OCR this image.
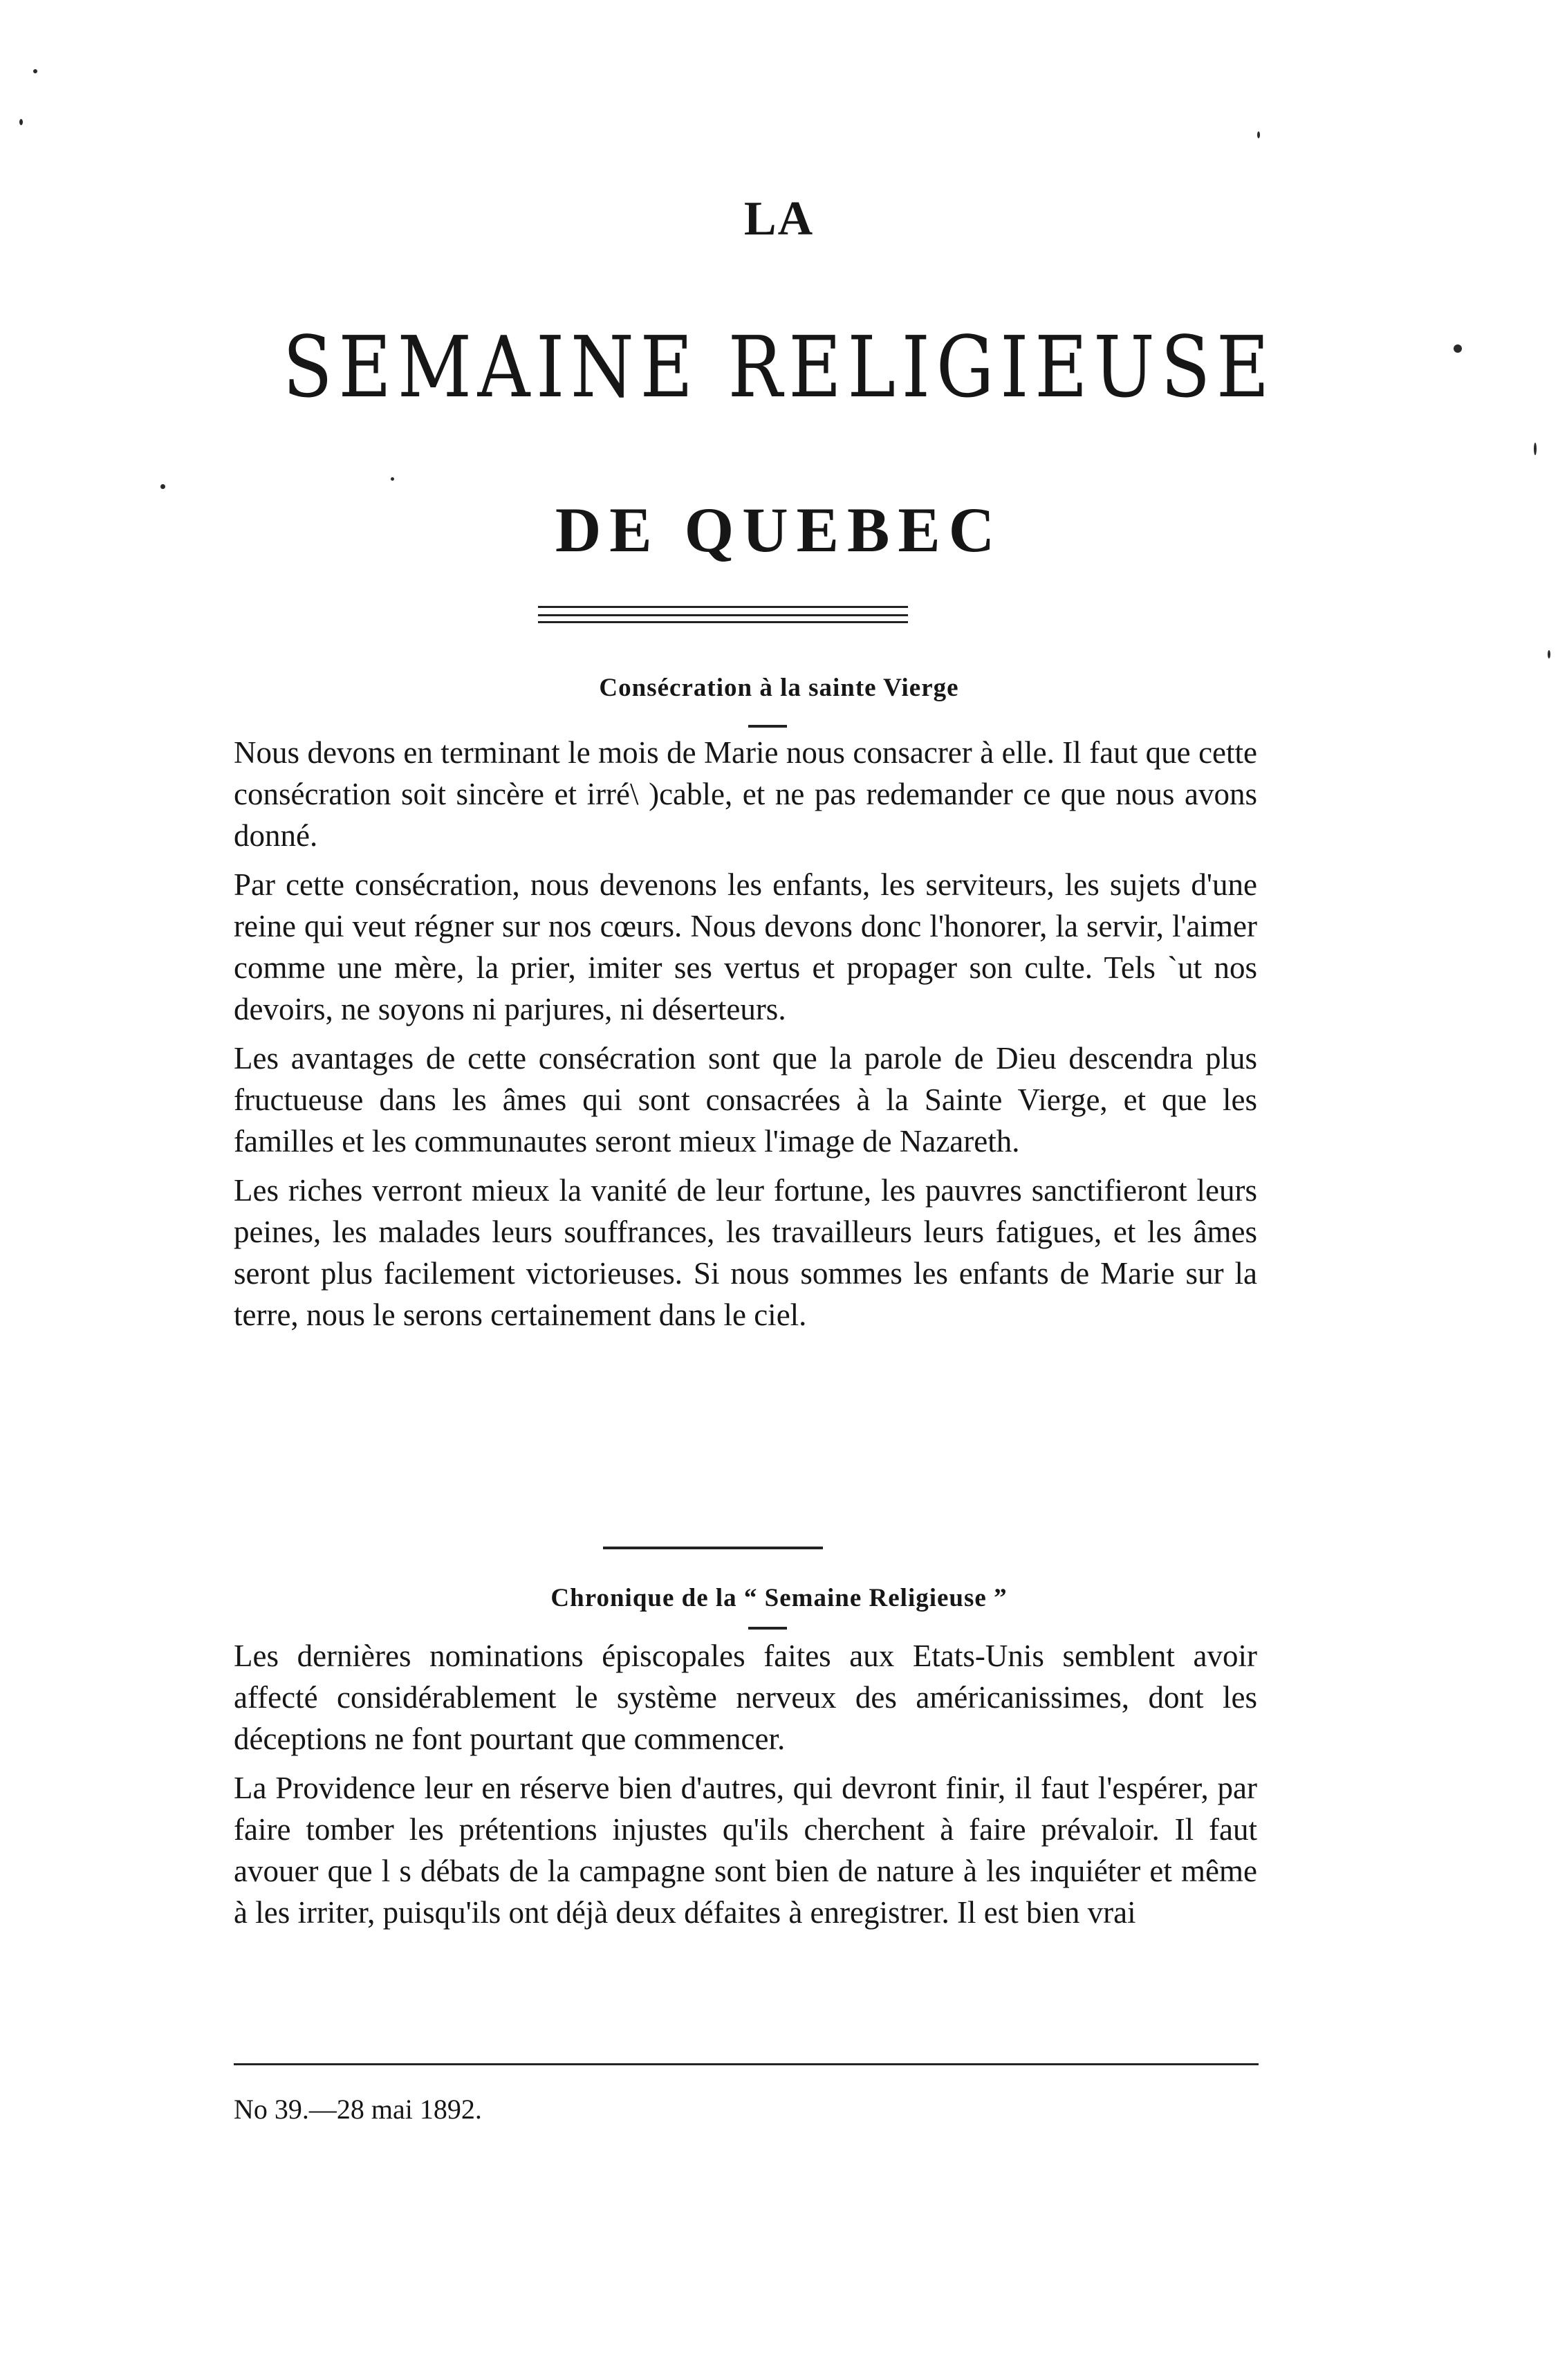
LA
SEMAINE RELIGIEUSE
DE QUEBEC
Consécration à la sainte Vierge

Nous devons en terminant le mois de Marie nous consacrer à elle. Il faut que cette consécration soit sincère et irré\ )cable, et ne pas redemander ce que nous avons donné.

Par cette consécration, nous devenons les enfants, les serviteurs, les sujets d'une reine qui veut régner sur nos cœurs. Nous devons donc l'honorer, la servir, l'aimer comme une mère, la prier, imiter ses vertus et propager son culte. Tels `ut nos devoirs, ne soyons ni parjures, ni déserteurs.

Les avantages de cette consécration sont que la parole de Dieu descendra plus fructueuse dans les âmes qui sont consacrées à la Sainte Vierge, et que les familles et les communautes seront mieux l'image de Nazareth.

Les riches verront mieux la vanité de leur fortune, les pauvres sanctifieront leurs peines, les malades leurs souffrances, les travailleurs leurs fatigues, et les âmes seront plus facilement victorieuses. Si nous sommes les enfants de Marie sur la terre, nous le serons certainement dans le ciel.

Chronique de la “ Semaine Religieuse ”

Les dernières nominations épiscopales faites aux Etats-Unis semblent avoir affecté considérablement le système nerveux des américanissimes, dont les déceptions ne font pourtant que commencer.

La Providence leur en réserve bien d'autres, qui devront finir, il faut l'espérer, par faire tomber les prétentions injustes qu'ils cherchent à faire prévaloir. Il faut avouer que l s débats de la campagne sont bien de nature à les inquiéter et même à les irriter, puisqu'ils ont déjà deux défaites à enregistrer. Il est bien vrai

No 39.—28 mai 1892.
